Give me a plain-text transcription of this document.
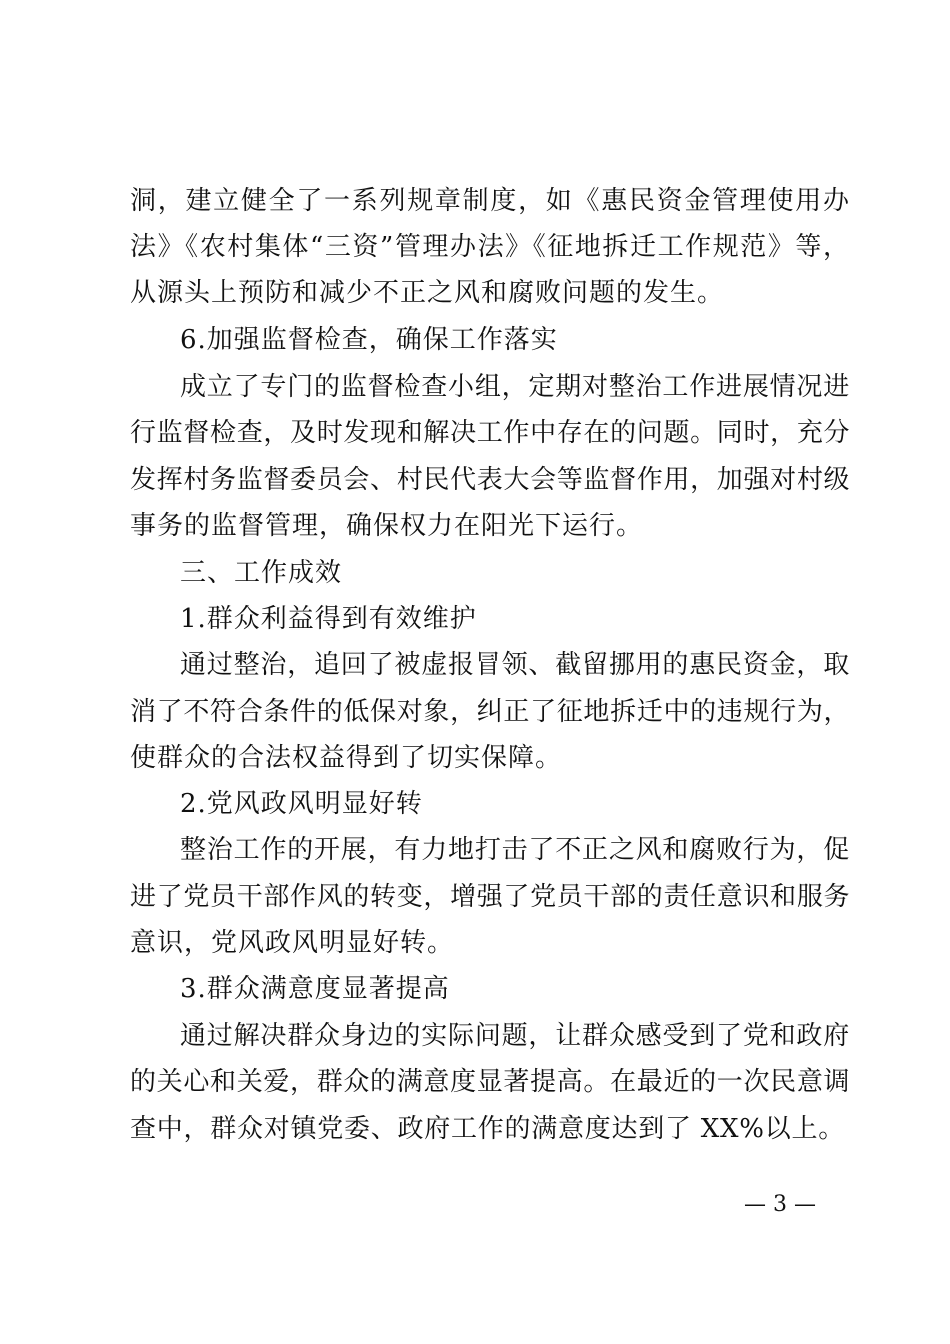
洞，建立健全了一系列规章制度，如《惠民资金管理使用办
法》《农村集体“三资”管理办法》《征地拆迁工作规范》等，
从源头上预防和减少不正之风和腐败问题的发生。
6.加强监督检查，确保工作落实
成立了专门的监督检查小组，定期对整治工作进展情况进
行监督检查，及时发现和解决工作中存在的问题。同时，充分
发挥村务监督委员会、村民代表大会等监督作用，加强对村级
事务的监督管理，确保权力在阳光下运行。
三、工作成效
1.群众利益得到有效维护
通过整治，追回了被虚报冒领、截留挪用的惠民资金，取
消了不符合条件的低保对象，纠正了征地拆迁中的违规行为，
使群众的合法权益得到了切实保障。
2.党风政风明显好转
整治工作的开展，有力地打击了不正之风和腐败行为，促
进了党员干部作风的转变，增强了党员干部的责任意识和服务
意识，党风政风明显好转。
3.群众满意度显著提高
通过解决群众身边的实际问题，让群众感受到了党和政府
的关心和关爱，群众的满意度显著提高。在最近的一次民意调
查中，群众对镇党委、政府工作的满意度达到了 XX%以上。
— 3 —
